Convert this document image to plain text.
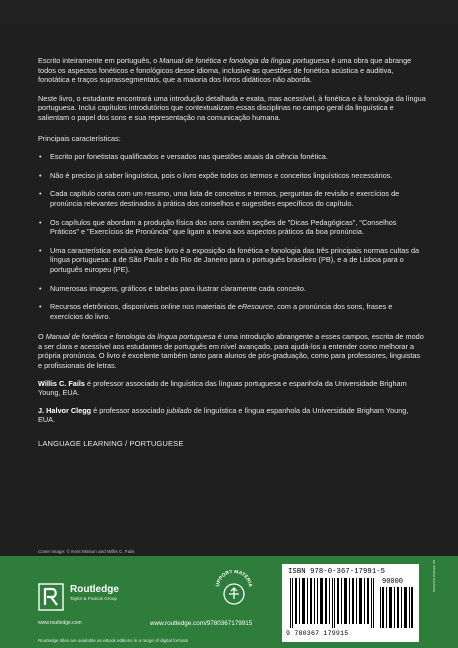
Escrito inteiramente em português, o Manual de fonética e fonologia da língua portuguesa é uma obra que abrange todos os aspectos fonéticos e fonológicos desse idioma, inclusive as questões de fonética acústica e auditiva, fonotática e traços suprassegmentais, que a maioria dos livros didáticos não aborda.

Neste livro, o estudante encontrará uma introdução detalhada e exata, mas acessível, à fonética e à fonologia da língua portuguesa. Inclui capítulos introdutórios que contextualizam essas disciplinas no campo geral da linguística e salientam o papel dos sons e sua representação na comunicação humana.

Principais características:

• Escrito por fonetistas qualificados e versados nas questões atuais da ciência fonética.
• Não é preciso já saber linguística, pois o livro expõe todos os termos e conceitos linguísticos necessários.
• Cada capítulo conta com um resumo, uma lista de conceitos e termos, perguntas de revisão e exercícios de pronúncia relevantes destinados à prática dos conselhos e sugestões específicos do capítulo.
• Os capítulos que abordam a produção física dos sons contêm seções de "Dicas Pedagógicas", "Conselhos Práticos" e "Exercícios de Pronúncia" que ligam a teoria aos aspectos práticos da boa pronúncia.
• Uma característica exclusiva deste livro é a exposição da fonética e fonologia das três principais normas cultas da língua portuguesa: a de São Paulo e do Rio de Janeiro para o português brasileiro (PB), e a de Lisboa para o português europeu (PE).
• Numerosas imagens, gráficos e tabelas para ilustrar claramente cada conceito.
• Recursos eletrônicos, disponíveis online nos materiais de eResource, com a pronúncia dos sons, frases e exercícios do livro.

O Manual de fonética e fonologia da língua portuguesa é uma introdução abrangente a esses campos, escrita de modo a ser clara e acessível aos estudantes de português em nível avançado, para ajudá-los a entender como melhorar a própria pronúncia. O livro é excelente também tanto para alunos de pós-graduação, como para professores, linguistas e profissionais de letras.

Willis C. Fails é professor associado de linguística das línguas portuguesa e espanhola da Universidade Brigham Young, EUA.

J. Halvor Clegg é professor associado jubilado de linguística e língua espanhola da Universidade Brigham Young, EUA.

LANGUAGE LEARNING / PORTUGUESE

Cover image: © Kent Minson and Willis C. Fails
Routledge
Taylor & Francis Group
UPPORT MATERIA
www.routledge.com	www.routledge.com/9780367179915
Routledge titles are available as eBook editions in a range of digital formats
ISBN 978-0-367-17991-5
90000
9 780367 179915
an informa business
